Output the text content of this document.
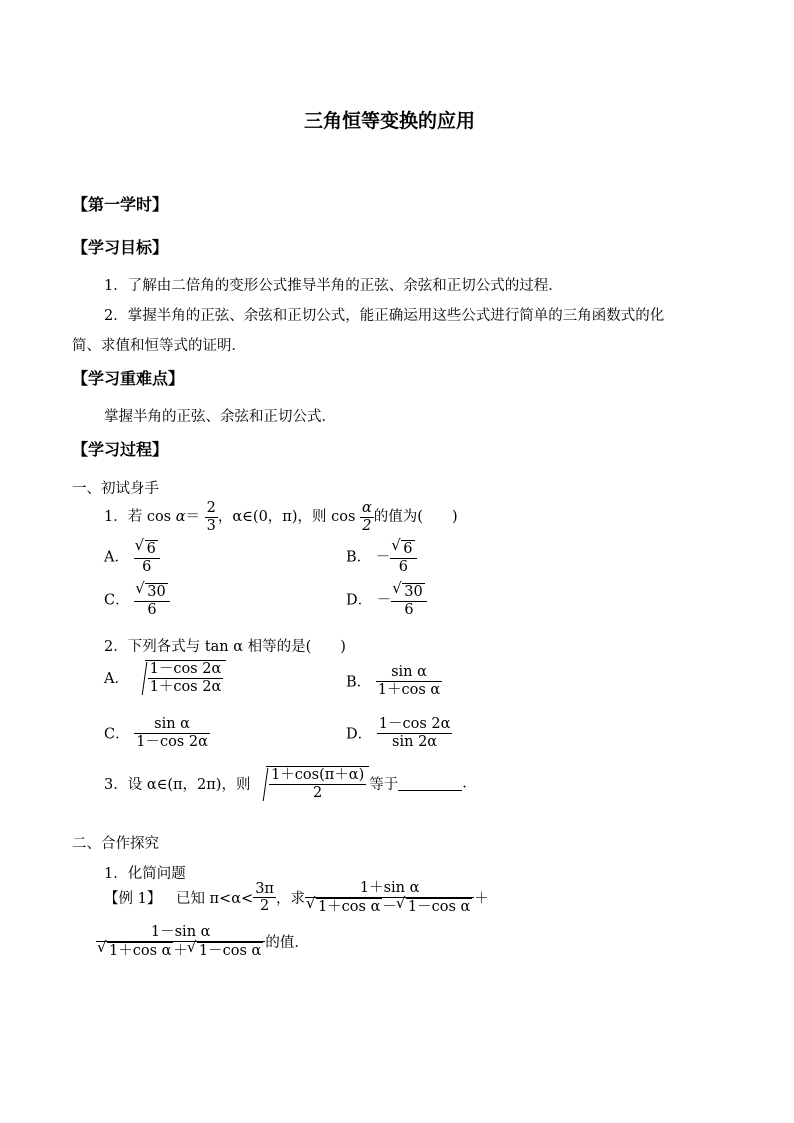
三角恒等变换的应用
【第一学时】
【学习目标】
1．了解由二倍角的变形公式推导半角的正弦、余弦和正切公式的过程．
2．掌握半角的正弦、余弦和正切公式，能正确运用这些公式进行简单的三角函数式的化
简、求值和恒等式的证明．
【学习重难点】
掌握半角的正弦、余弦和正切公式．
【学习过程】
一、初试身手
1．若 $\cos \alpha= \frac{2}{3}$ ，α∈(0，π)，则 $\cos \frac{\alpha}{2}$ 的值为(　　)
A． √ $\frac{6}{6}$	B． － √ $\frac{6}{6}$
C． √ $\frac{30}{6}$	D． － √ $\frac{30}{6}$
2．下列各式与 tan α 相等的是(　　)
A． $\frac{1-\cos 2\alpha}{1+\cos 2\alpha}$	B． $\frac{\text{sin α}}{\text{1＋cos α}}$
C． $\frac{\text{sin α}}{1-\cos 2\alpha}$	D． $\frac{1-\cos 2\alpha}{\sin 2\alpha}$
3．设 α∈(π，2π)，则 $\frac{1+\cos(\pi+\alpha)}{2}$ 等于	.
二、合作探究
1．化简问题
【例 1】 已知 $\pi<\alpha< \frac{3\pi}{2}$ ，求 1＋sin α
√ 1＋cos α － √ 1－cos α ＋
1－sin α
√ 1＋cos α ＋ √ 1－cos α 的值．
